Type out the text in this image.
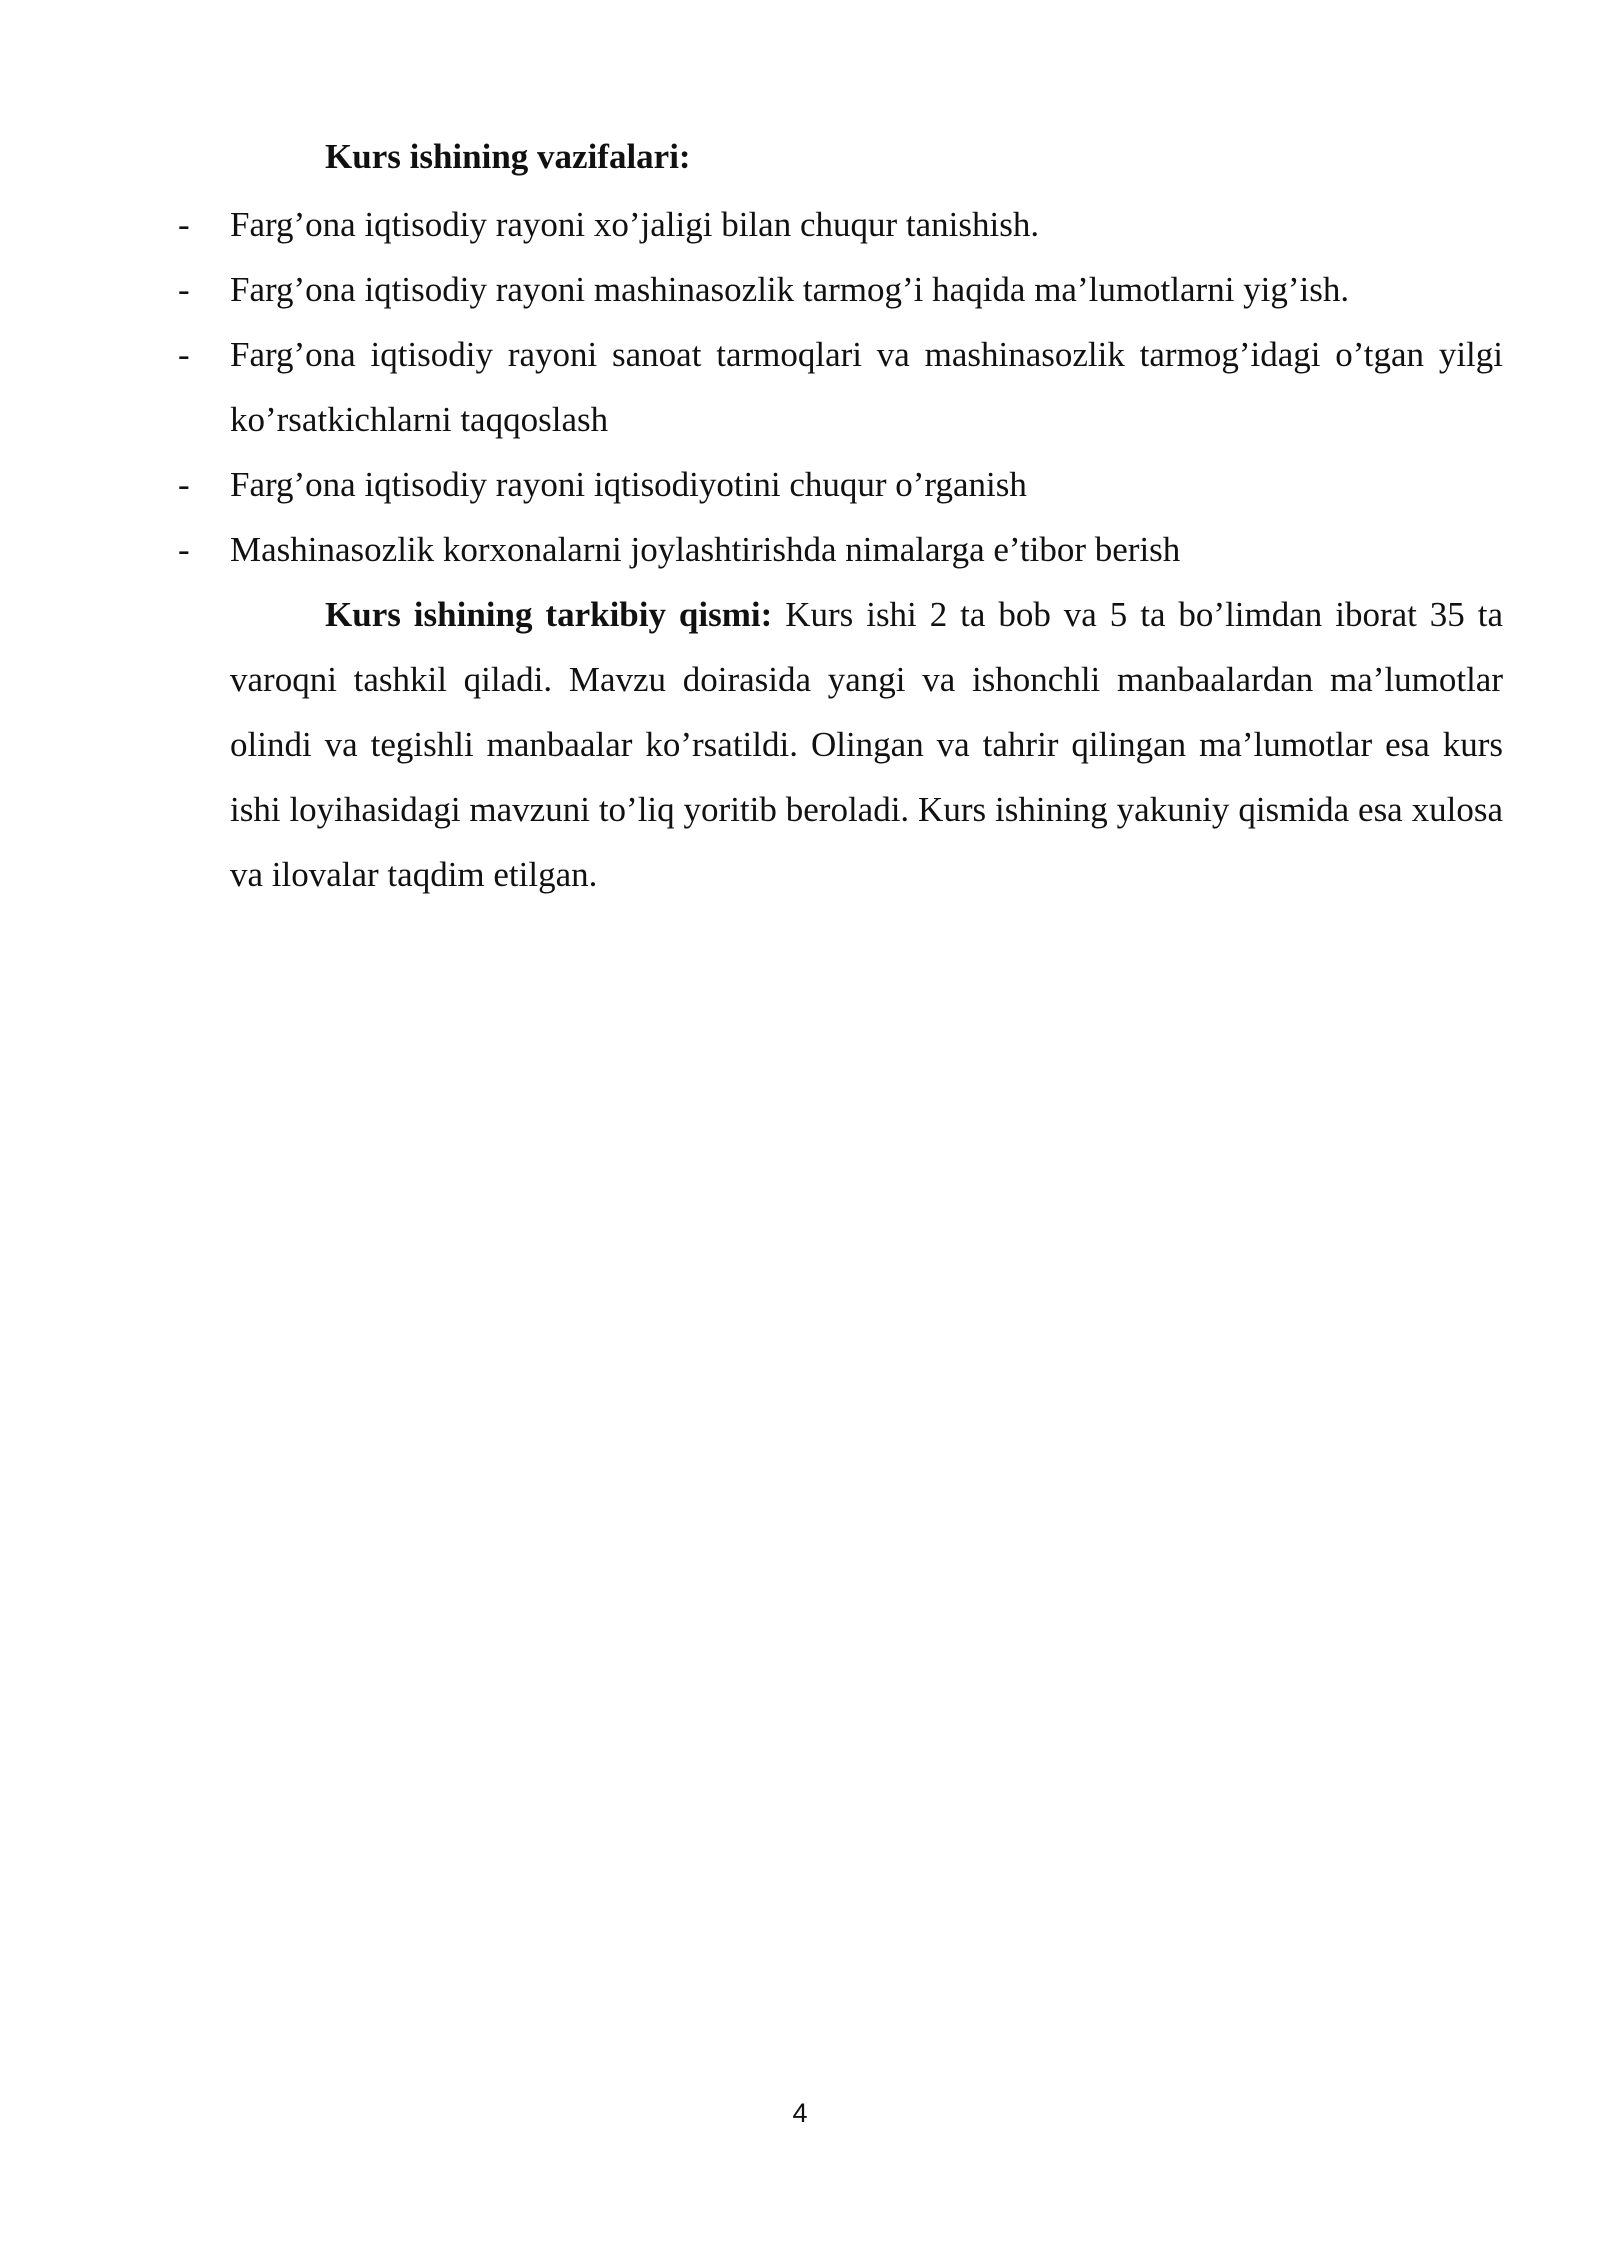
Kurs ishining vazifalari:
- Farg’ona iqtisodiy rayoni xo’jaligi bilan chuqur tanishish.
- Farg’ona iqtisodiy rayoni mashinasozlik tarmog’i haqida ma’lumotlarni yig’ish.
- Farg’ona iqtisodiy rayoni sanoat tarmoqlari va mashinasozlik tarmog’idagi o’tgan yilgi ko’rsatkichlarni taqqoslash
- Farg’ona iqtisodiy rayoni iqtisodiyotini chuqur o’rganish
- Mashinasozlik korxonalarni joylashtirishda nimalarga e’tibor berish

Kurs ishining tarkibiy qismi: Kurs ishi 2 ta bob va 5 ta bo’limdan iborat 35 ta varoqni tashkil qiladi. Mavzu doirasida yangi va ishonchli manbaalardan ma’lumotlar olindi va tegishli manbaalar ko’rsatildi. Olingan va tahrir qilingan ma’lumotlar esa kurs ishi loyihasidagi mavzuni to’liq yoritib beroladi. Kurs ishining yakuniy qismida esa xulosa va ilovalar taqdim etilgan.

4
